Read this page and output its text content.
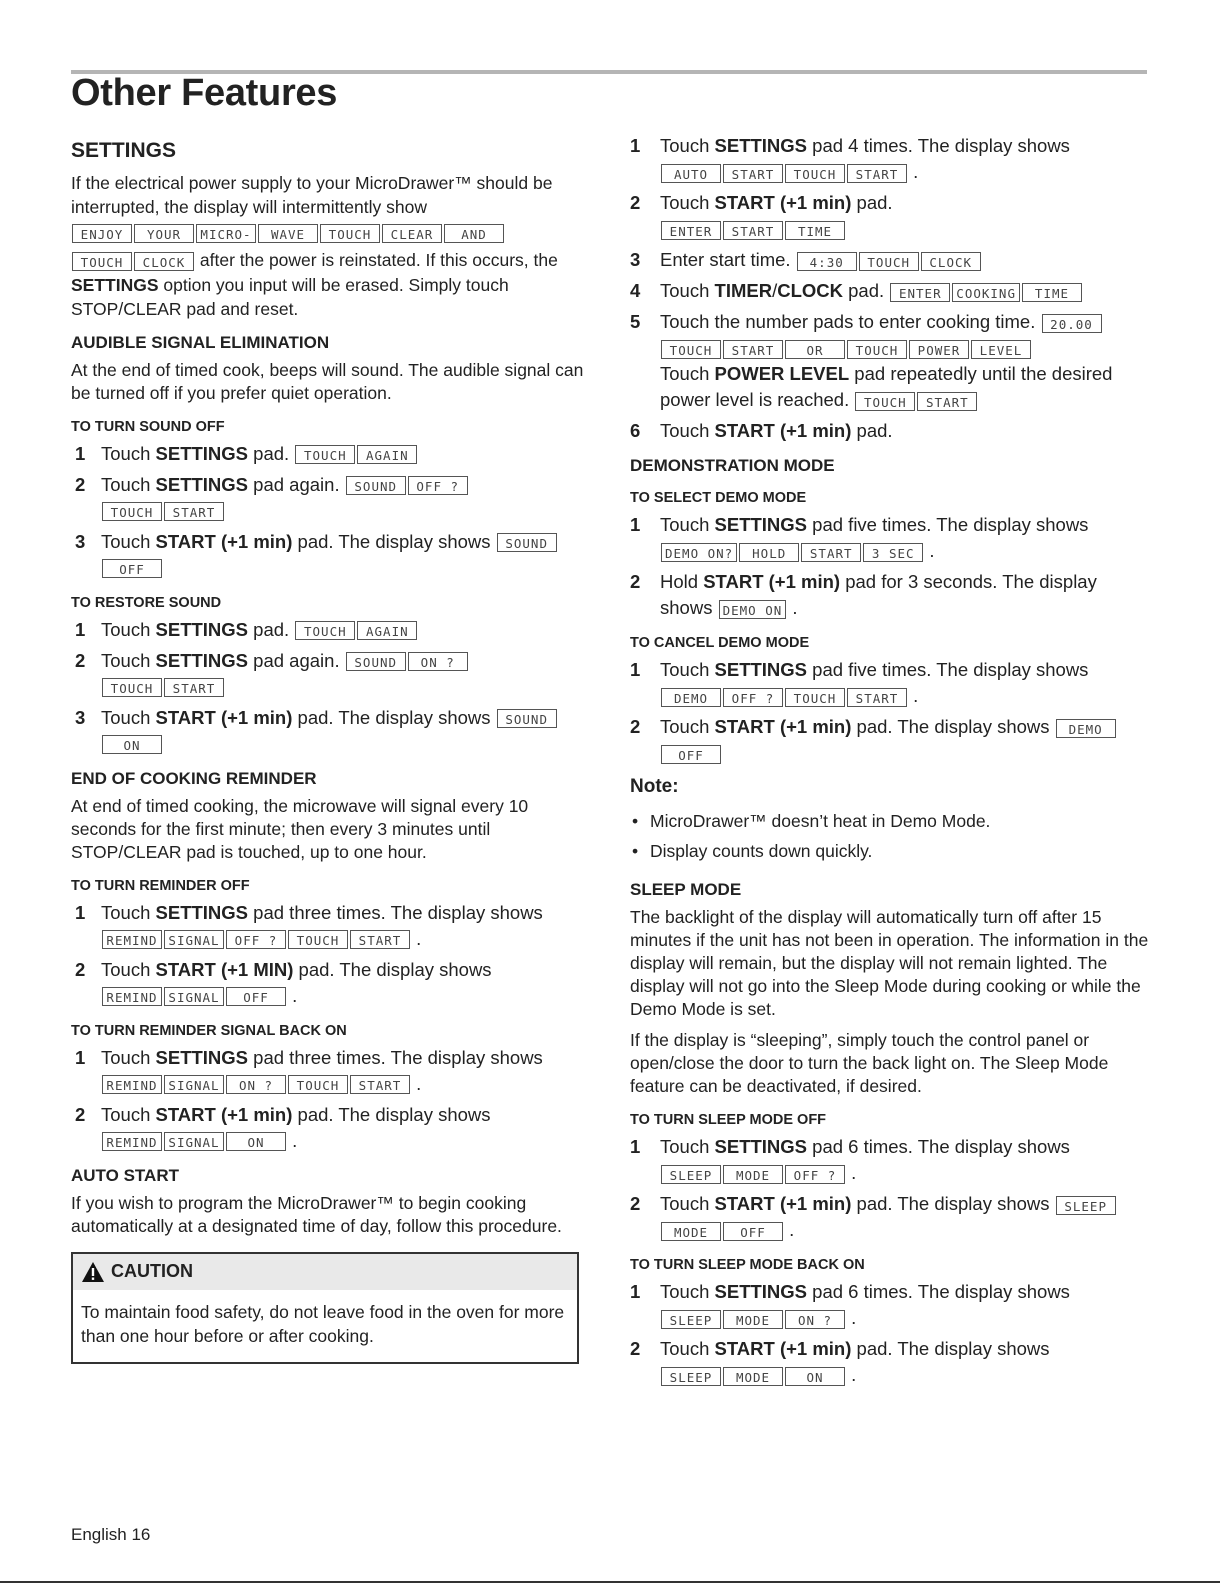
Other Features
SETTINGS

If the electrical power supply to your MicroDrawer™ should be interrupted, the display will intermittently show
ENJOY YOUR MICRO- WAVE TOUCH CLEAR AND
TOUCH CLOCK after the power is reinstated. If this occurs, the SETTINGS option you input will be erased. Simply touch STOP/CLEAR pad and reset.

AUDIBLE SIGNAL ELIMINATION

At the end of timed cook, beeps will sound. The audible signal can be turned off if you prefer quiet operation.

TO TURN SOUND OFF
1 Touch SETTINGS pad. TOUCH AGAIN
2 Touch SETTINGS pad again. SOUND OFF ?
TOUCH START
3 Touch START (+1 min) pad. The display shows SOUND
OFF
TO RESTORE SOUND
1 Touch SETTINGS pad. TOUCH AGAIN
2 Touch SETTINGS pad again. SOUND ON ?
TOUCH START
3 Touch START (+1 min) pad. The display shows SOUND
ON
END OF COOKING REMINDER

At end of timed cooking, the microwave will signal every 10 seconds for the first minute; then every 3 minutes until STOP/CLEAR pad is touched, up to one hour.

TO TURN REMINDER OFF
1 Touch SETTINGS pad three times. The display shows
REMIND SIGNAL OFF ? TOUCH START .
2 Touch START (+1 MIN) pad. The display shows
REMIND SIGNAL OFF .
TO TURN REMINDER SIGNAL BACK ON
1 Touch SETTINGS pad three times. The display shows
REMIND SIGNAL ON ? TOUCH START .
2 Touch START (+1 min) pad. The display shows
REMIND SIGNAL ON .
AUTO START

If you wish to program the MicroDrawer™ to begin cooking automatically at a designated time of day, follow this procedure.

CAUTION
To maintain food safety, do not leave food in the oven for more than one hour before or after cooking.
1 Touch SETTINGS pad 4 times. The display shows
AUTO START TOUCH START .
2 Touch START (+1 min) pad.
ENTER START TIME
3 Enter start time. 4:30 TOUCH CLOCK
4 Touch TIMER/CLOCK pad. ENTER COOKING TIME
5 Touch the number pads to enter cooking time. 20.00
TOUCH START	OR	TOUCH POWER LEVEL
Touch POWER LEVEL pad repeatedly until the desired power level is reached. TOUCH START
6 Touch START (+1 min) pad.
DEMONSTRATION MODE
TO SELECT DEMO MODE
1 Touch SETTINGS pad five times. The display shows
DEMO ON? HOLD START 3 SEC .
2 Hold START (+1 min) pad for 3 seconds. The display shows DEMO ON .
TO CANCEL DEMO MODE
1 Touch SETTINGS pad five times. The display shows
DEMO OFF ? TOUCH START .
2 Touch START (+1 min) pad. The display shows DEMO
OFF
Note:
• MicroDrawer™ doesn’t heat in Demo Mode.
• Display counts down quickly.
SLEEP MODE

The backlight of the display will automatically turn off after 15 minutes if the unit has not been in operation. The information in the display will remain, but the display will not remain lighted. The display will not go into the Sleep Mode during cooking or while the Demo Mode is set.

If the display is “sleeping”, simply touch the control panel or open/close the door to turn the back light on. The Sleep Mode feature can be deactivated, if desired.

TO TURN SLEEP MODE OFF
1 Touch SETTINGS pad 6 times. The display shows
SLEEP MODE OFF ? .
2 Touch START (+1 min) pad. The display shows SLEEP
MODE	OFF .
TO TURN SLEEP MODE BACK ON
1 Touch SETTINGS pad 6 times. The display shows
SLEEP MODE ON ? .
2 Touch START (+1 min) pad. The display shows
SLEEP MODE	ON .
English 16
